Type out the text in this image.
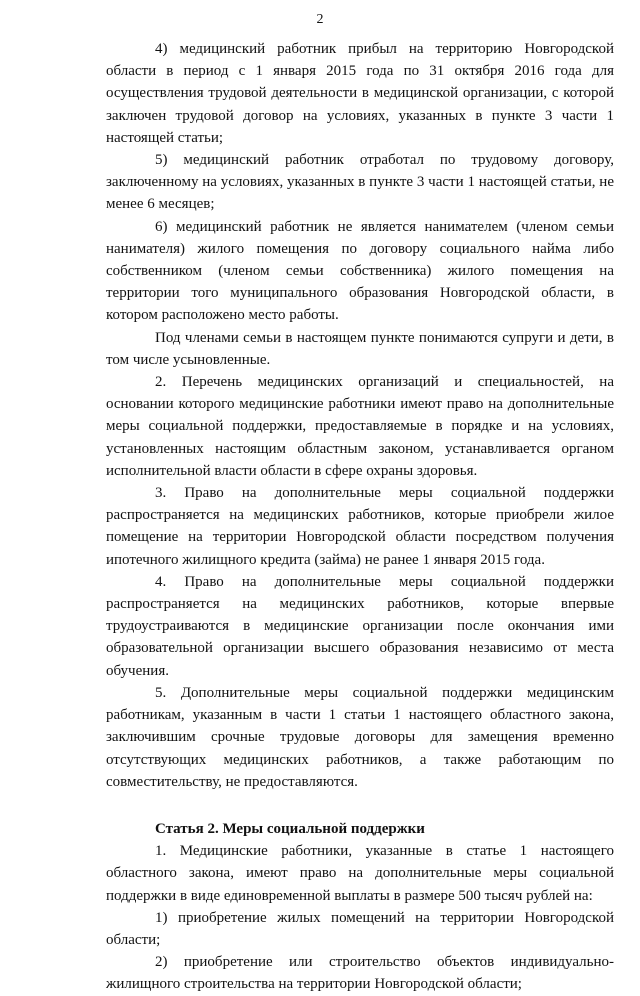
2

4) медицинский работник прибыл на территорию Новгородской области в период с 1 января 2015 года по 31 октября 2016 года для осуществления трудовой деятельности в медицинской организации, с которой заключен трудовой договор на условиях, указанных в пункте 3 части 1 настоящей статьи;

5) медицинский работник отработал по трудовому договору, заключенному на условиях, указанных в пункте 3 части 1 настоящей статьи, не менее 6 месяцев;

6) медицинский работник не является нанимателем (членом семьи нанимателя) жилого помещения по договору социального найма либо собственником (членом семьи собственника) жилого помещения на территории того муниципального образования Новгородской области, в котором расположено место работы.

Под членами семьи в настоящем пункте понимаются супруги и дети, в том числе усыновленные.

2. Перечень медицинских организаций и специальностей, на основании которого медицинские работники имеют право на дополнительные меры социальной поддержки, предоставляемые в порядке и на условиях, установленных настоящим областным законом, устанавливается органом исполнительной власти области в сфере охраны здоровья.

3. Право на дополнительные меры социальной поддержки распространяется на медицинских работников, которые приобрели жилое помещение на территории Новгородской области посредством получения ипотечного жилищного кредита (займа) не ранее 1 января 2015 года.

4. Право на дополнительные меры социальной поддержки распространяется на медицинских работников, которые впервые трудоустраиваются в медицинские организации после окончания ими образовательной организации высшего образования независимо от места обучения.

5. Дополнительные меры социальной поддержки медицинским работникам, указанным в части 1 статьи 1 настоящего областного закона, заключившим срочные трудовые договоры для замещения временно отсутствующих медицинских работников, а также работающим по совместительству, не предоставляются.

Статья 2. Меры социальной поддержки

1. Медицинские работники, указанные в статье 1 настоящего областного закона, имеют право на дополнительные меры социальной поддержки в виде единовременной выплаты в размере 500 тысяч рублей на:

1) приобретение жилых помещений на территории Новгородской области;

2) приобретение или строительство объектов индивидуально-жилищного строительства на территории Новгородской области;
